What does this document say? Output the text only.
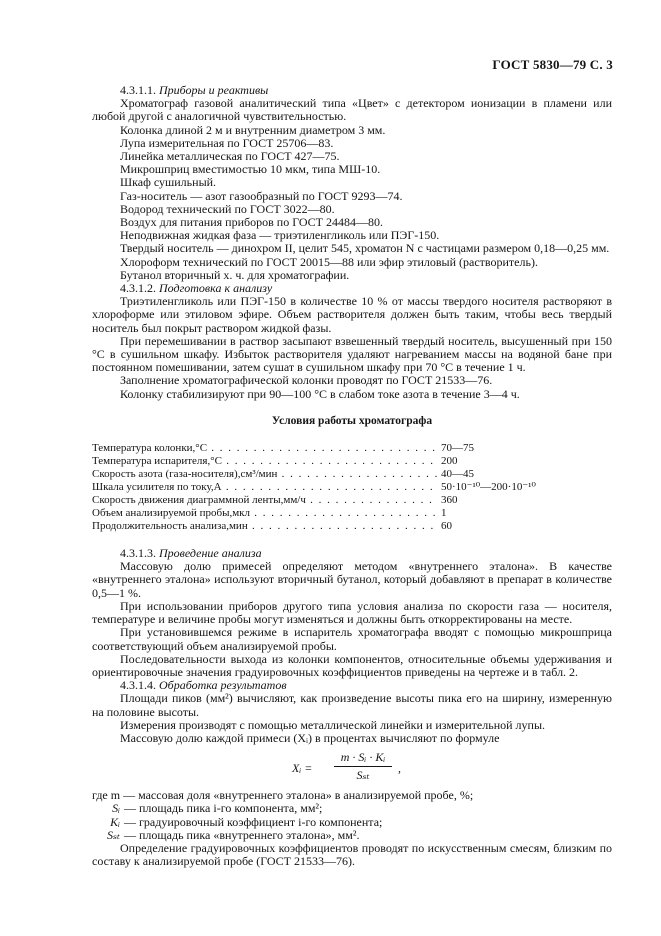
ГОСТ 5830—79 С. 3

4.3.1.1. Приборы и реактивы

Хроматограф газовой аналитический типа «Цвет» с детектором ионизации в пламени или любой другой с аналогичной чувствительностью.

Колонка длиной 2 м и внутренним диаметром 3 мм.

Лупа измерительная по ГОСТ 25706—83.

Линейка металлическая по ГОСТ 427—75.

Микрошприц вместимостью 10 мкм, типа МШ-10.

Шкаф сушильный.

Газ-носитель — азот газообразный по ГОСТ 9293—74.

Водород технический по ГОСТ 3022—80.

Воздух для питания приборов по ГОСТ 24484—80.

Неподвижная жидкая фаза — триэтиленгликоль или ПЭГ-150.

Твердый носитель — динохром II, целит 545, хроматон N с частицами размером 0,18—0,25 мм.

Хлороформ технический по ГОСТ 20015—88 или эфир этиловый (растворитель).

Бутанол вторичный х. ч. для хроматографии.

4.3.1.2. Подготовка к анализу

Триэтиленгликоль или ПЭГ-150 в количестве 10 % от массы твердого носителя растворяют в хлороформе или этиловом эфире. Объем растворителя должен быть таким, чтобы весь твердый носитель был покрыт раствором жидкой фазы.

При перемешивании в раствор засыпают взвешенный твердый носитель, высушенный при 150 °С в сушильном шкафу. Избыток растворителя удаляют нагреванием массы на водяной бане при постоянном помешивании, затем сушат в сушильном шкафу при 70 °С в течение 1 ч.

Заполнение хроматографической колонки проводят по ГОСТ 21533—76.

Колонку стабилизируют при 90—100 °С в слабом токе азота в течение 3—4 ч.

Условия работы хроматографа

Температура колонки,°С . . .	70—75
Температура испарителя,°С . . .	200
Скорость азота (газа-носителя),см³/мин . . .	40—45
Шкала усилителя по току,А . . .	50·10⁻¹⁰—200·10⁻¹⁰
Скорость движения диаграммной ленты,мм/ч . . .	360
Объем анализируемой пробы,мкл . . .	1
Продолжительность анализа,мин . . .	60

4.3.1.3. Проведение анализа

Массовую долю примесей определяют методом «внутреннего эталона». В качестве «внутреннего эталона» используют вторичный бутанол, который добавляют в препарат в количестве 0,5—1 %.

При использовании приборов другого типа условия анализа по скорости газа — носителя, температуре и величине пробы могут изменяться и должны быть откорректированы на месте.

При установившемся режиме в испаритель хроматографа вводят с помощью микрошприца соответствующий объем анализируемой пробы.

Последовательности выхода из колонки компонентов, относительные объемы удерживания и ориентировочные значения градуировочных коэффициентов приведены на чертеже и в табл. 2.

4.3.1.4. Обработка результатов

Площади пиков (мм²) вычисляют, как произведение высоты пика его на ширину, измеренную на половине высоты.

Измерения производят с помощью металлической линейки и измерительной лупы.

Массовую долю каждой примеси (Xᵢ) в процентах вычисляют по формуле

Xᵢ =
m · Sᵢ · Kᵢ
Sₛₜ
,

где m — массовая доля «внутреннего эталона» в анализируемой пробе, %;

Sᵢ — площадь пика i-го компонента, мм²;
Kᵢ — градуировочный коэффициент i-го компонента;
Sₛₜ — площадь пика «внутреннего эталона», мм².

Определение градуировочных коэффициентов проводят по искусственным смесям, близким по составу к анализируемой пробе (ГОСТ 21533—76).
